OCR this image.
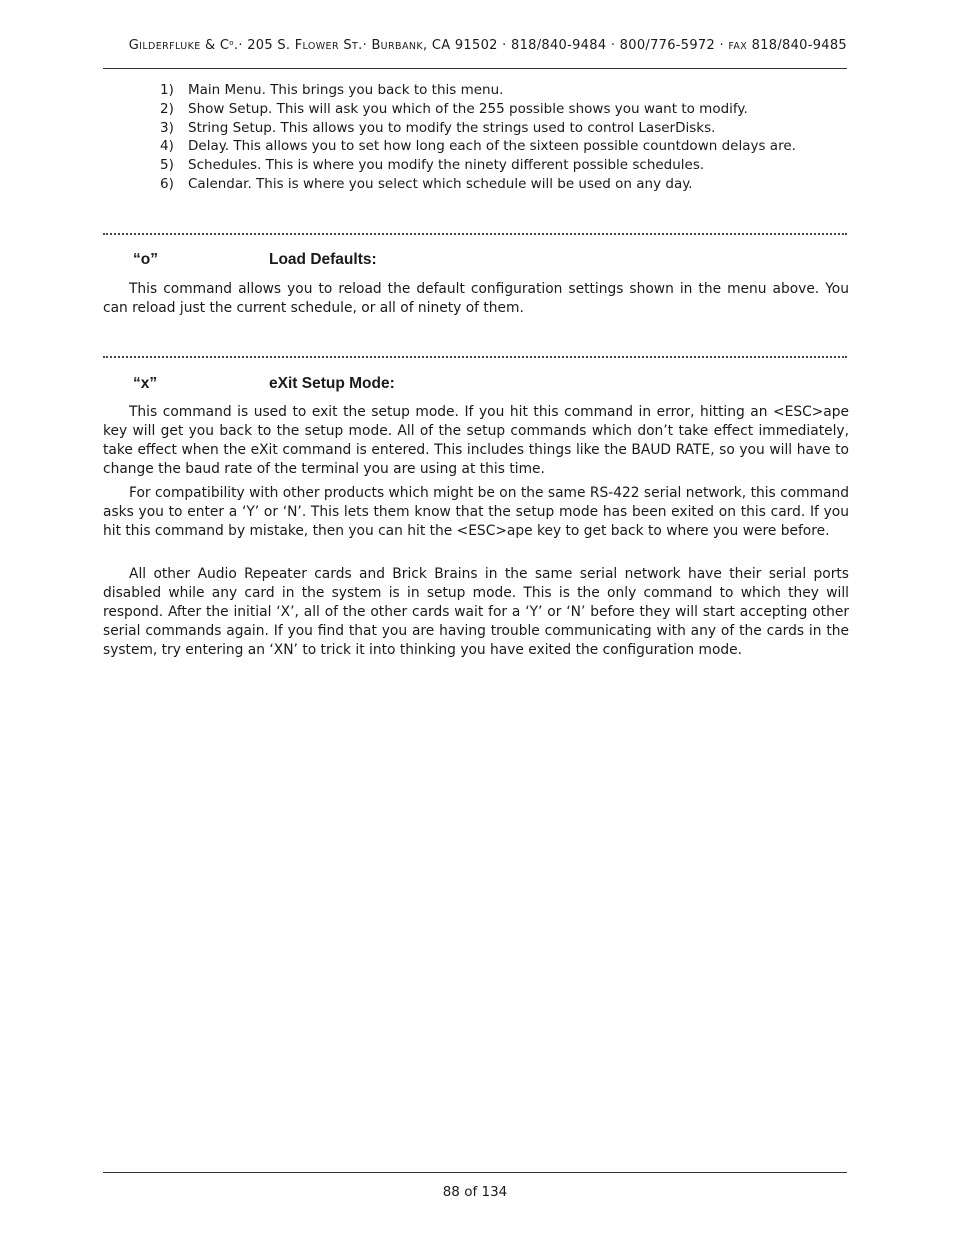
GILDERFLUKE & $C^o.\cdot 205$ S. FLOWER ST.· BURBANK, CA 91502 · 818/840-9484 · 800/776-5972 · FAX 818/840-9485
1) Main Menu. This brings you back to this menu.
2) Show Setup. This will ask you which of the 255 possible shows you want to modify.
3) String Setup. This allows you to modify the strings used to control LaserDisks.
4) Delay. This allows you to set how long each of the sixteen possible countdown delays are.
5) Schedules. This is where you modify the ninety different possible schedules.
6) Calendar. This is where you select which schedule will be used on any day.
“o”	Load Defaults:

This command allows you to reload the default configuration settings shown in the menu above. You can reload just the current schedule, or all of ninety of them.

“x”	eXit Setup Mode:

This command is used to exit the setup mode. If you hit this command in error, hitting an <ESC>ape key will get you back to the setup mode. All of the setup commands which don’t take effect immediately, take effect when the eXit command is entered. This includes things like the BAUD RATE, so you will have to change the baud rate of the terminal you are using at this time.

For compatibility with other products which might be on the same RS-422 serial network, this command asks you to enter a ‘Y’ or ‘N’. This lets them know that the setup mode has been exited on this card. If you hit this command by mistake, then you can hit the <ESC>ape key to get back to where you were before.

All other Audio Repeater cards and Brick Brains in the same serial network have their serial ports disabled while any card in the system is in setup mode. This is the only command to which they will respond. After the initial ‘X’, all of the other cards wait for a ‘Y’ or ‘N’ before they will start accepting other serial commands again. If you find that you are having trouble communicating with any of the cards in the system, try entering an ‘XN’ to trick it into thinking you have exited the configuration mode.

88 of 134
